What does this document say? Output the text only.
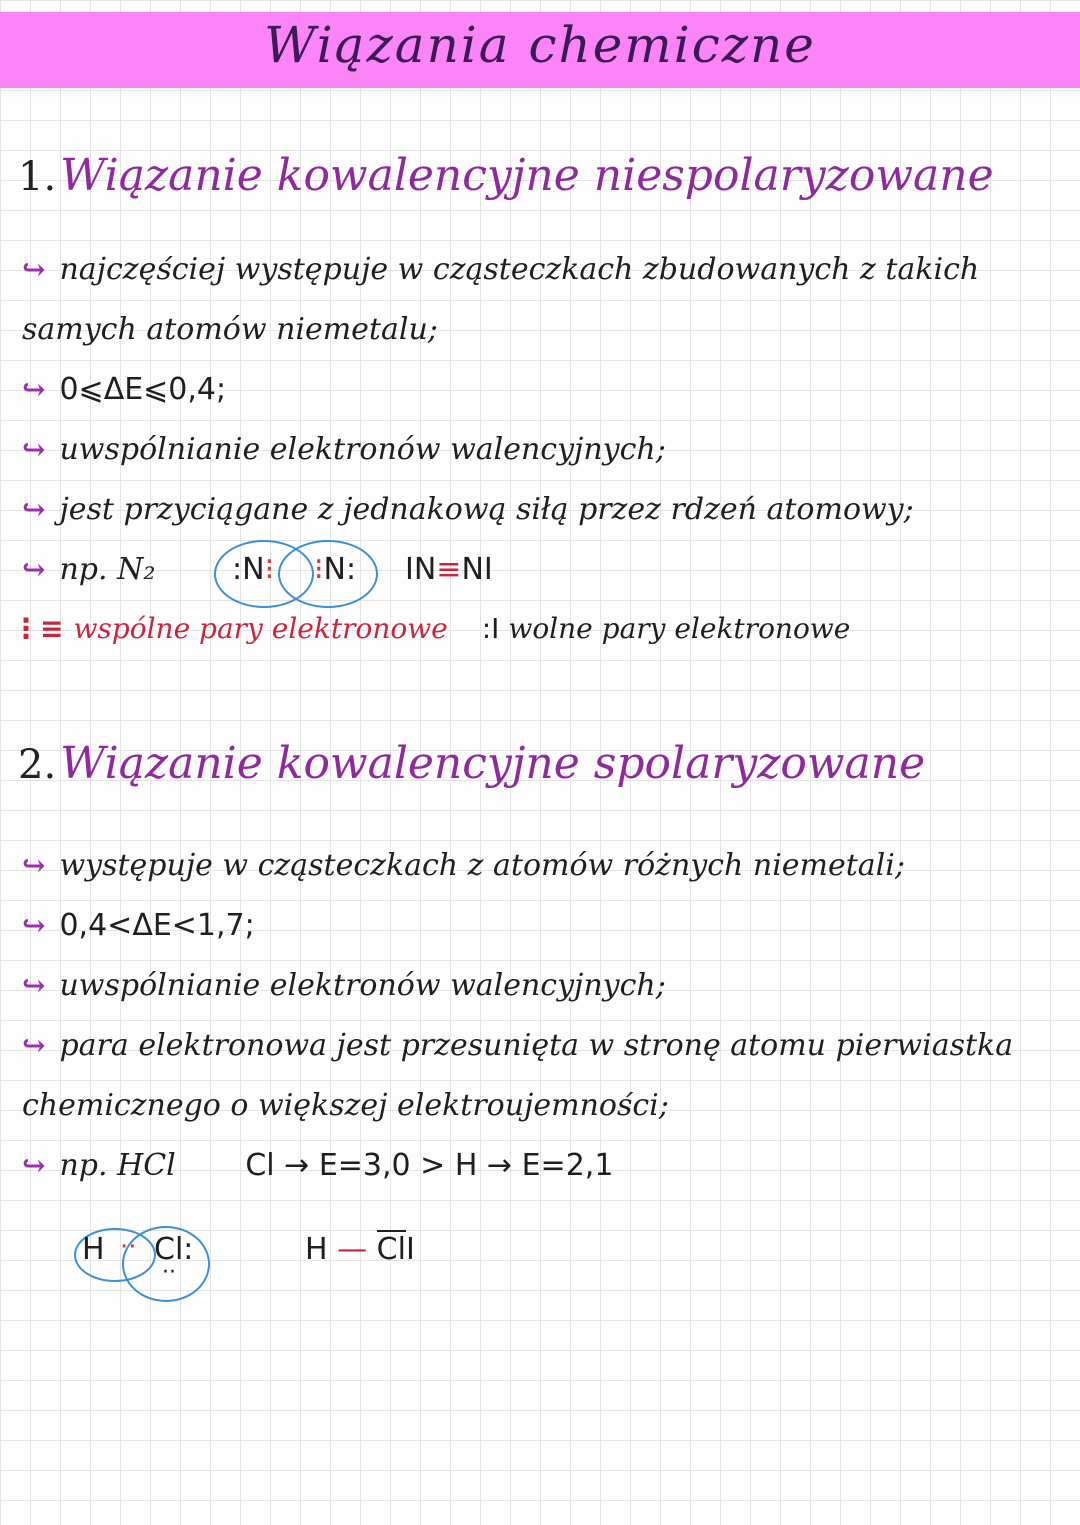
Wiązania chemiczne
1.Wiązanie kowalencyjne niespolaryzowane
↪ najczęściej występuje w cząsteczkach zbudowanych z takich
samych atomów niemetalu;
↪ 0⩽ΔE⩽0,4;
↪ uwspólnianie elektronów walencyjnych;
↪ jest przyciągane z jednakową siłą przez rdzeń atomowy;
↪ np. N₂	:N⁝ ⁝N: IN≡NI
⋮≡ wspólne pary elektronowe :I wolne pary elektronowe
2.Wiązanie kowalencyjne spolaryzowane
↪ występuje w cząsteczkach z atomów różnych niemetali;
↪ 0,4<ΔE<1,7;
↪ uwspólnianie elektronów walencyjnych;
↪ para elektronowa jest przesunięta w stronę atomu pierwiastka
chemicznego o większej elektroujemności;
↪ np. HCl Cl → E=3,0 > H → E=2,1
H ·· Cl:
··
H — ClI
